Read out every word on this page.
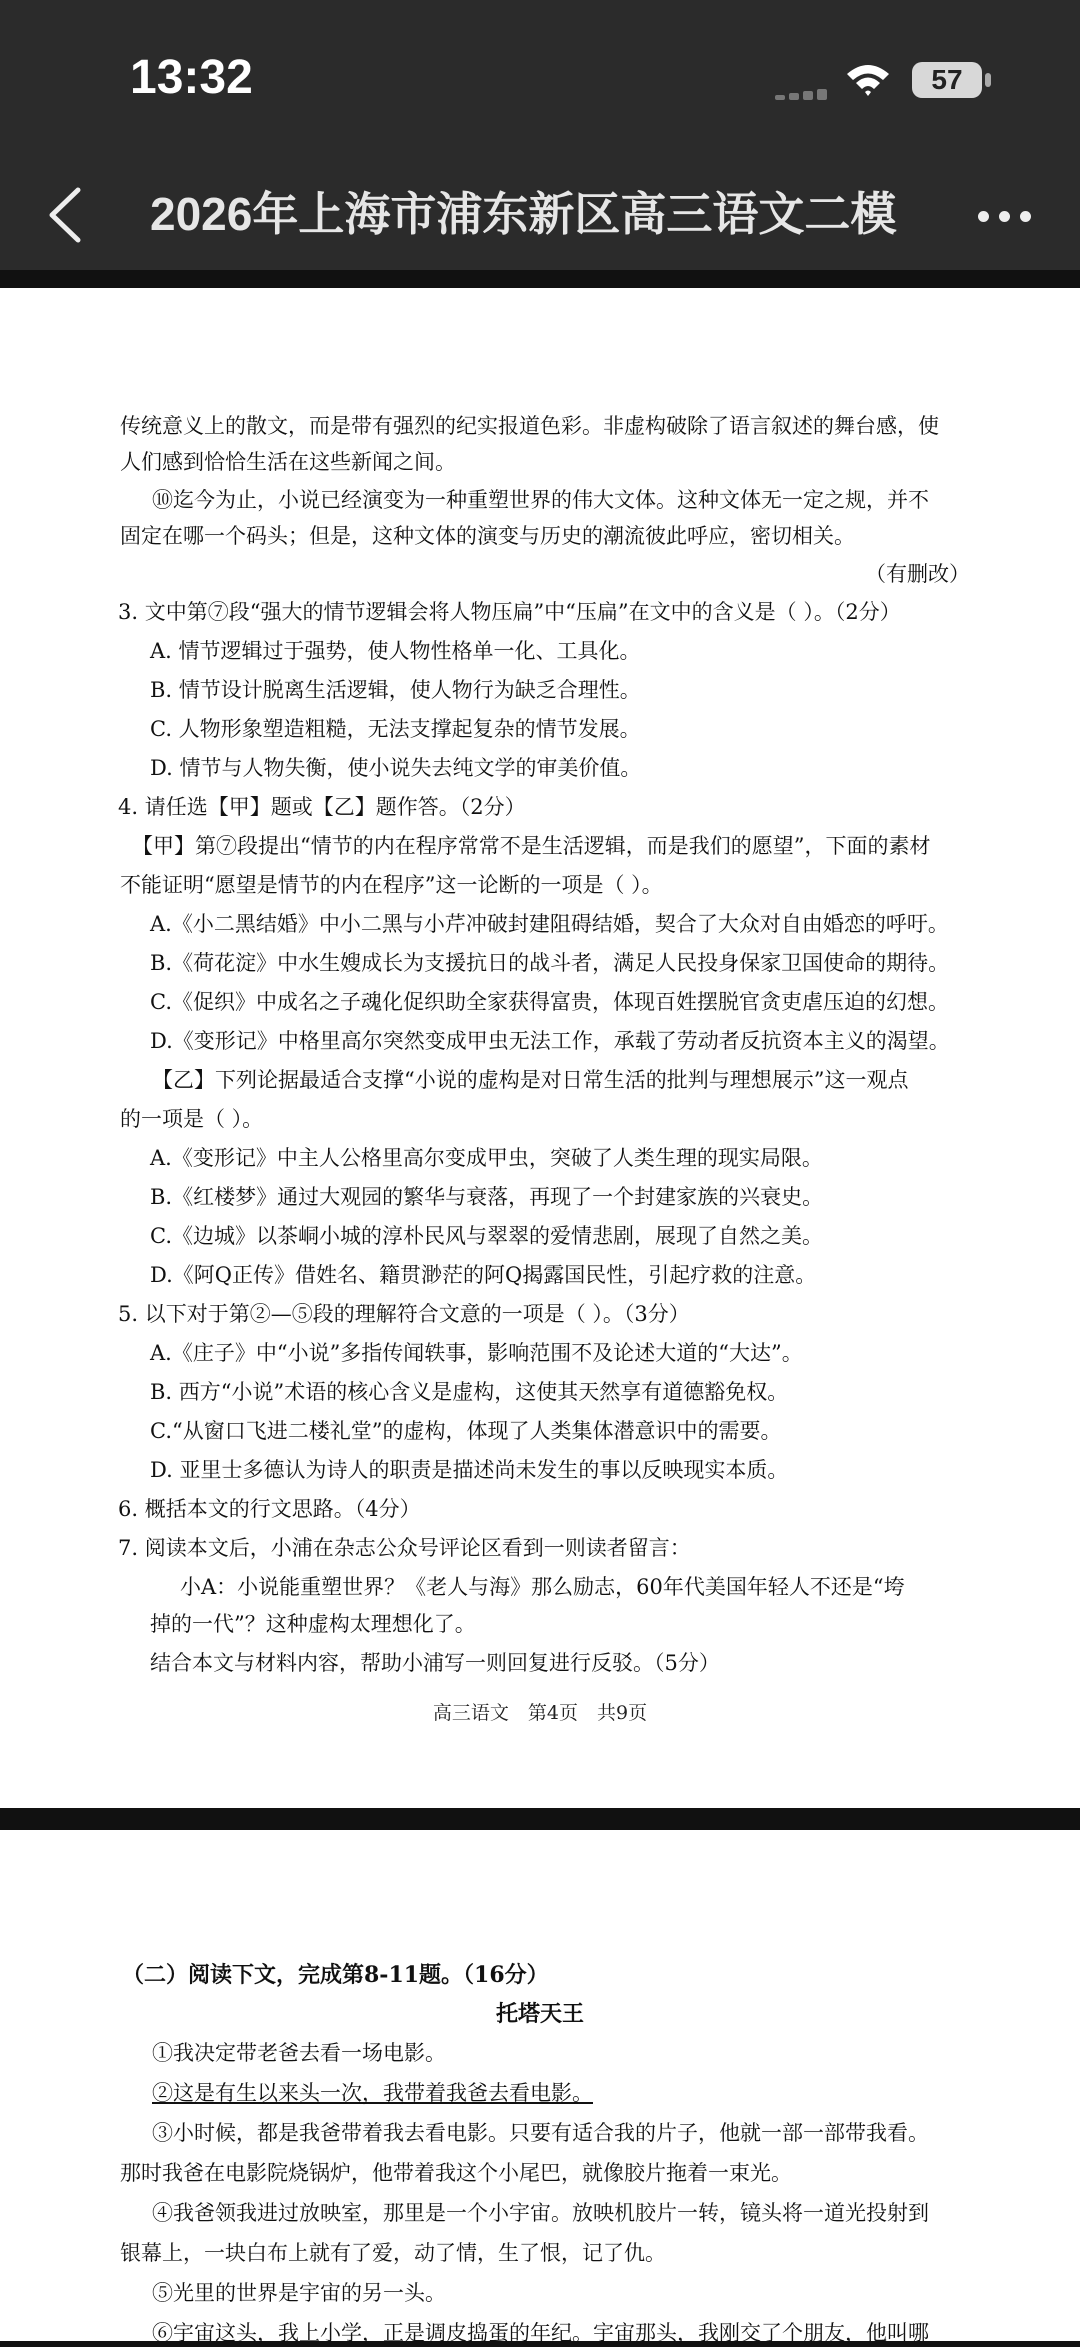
13:32	57
2026年上海市浦东新区高三语文二模
传统意义上的散文，而是带有强烈的纪实报道色彩。非虚构破除了语言叙述的舞台感，使
人们感到恰恰生活在这些新闻之间。
⑩迄今为止，小说已经演变为一种重塑世界的伟大文体。这种文体无一定之规，并不
固定在哪一个码头；但是，这种文体的演变与历史的潮流彼此呼应，密切相关。
（有删改）
3. 文中第⑦段“强大的情节逻辑会将人物压扁”中“压扁”在文中的含义是（ ）。（2分）
A. 情节逻辑过于强势，使人物性格单一化、工具化。
B. 情节设计脱离生活逻辑，使人物行为缺乏合理性。
C. 人物形象塑造粗糙，无法支撑起复杂的情节发展。
D. 情节与人物失衡，使小说失去纯文学的审美价值。
4. 请任选【甲】题或【乙】题作答。（2分）
【甲】第⑦段提出“情节的内在程序常常不是生活逻辑，而是我们的愿望”，下面的素材
不能证明“愿望是情节的内在程序”这一论断的一项是（ ）。
A.《小二黑结婚》中小二黑与小芹冲破封建阻碍结婚，契合了大众对自由婚恋的呼吁。
B.《荷花淀》中水生嫂成长为支援抗日的战斗者，满足人民投身保家卫国使命的期待。
C.《促织》中成名之子魂化促织助全家获得富贵，体现百姓摆脱官贪吏虐压迫的幻想。
D.《变形记》中格里高尔突然变成甲虫无法工作，承载了劳动者反抗资本主义的渴望。
【乙】下列论据最适合支撑“小说的虚构是对日常生活的批判与理想展示”这一观点
的一项是（ ）。
A.《变形记》中主人公格里高尔变成甲虫，突破了人类生理的现实局限。
B.《红楼梦》通过大观园的繁华与衰落，再现了一个封建家族的兴衰史。
C.《边城》以茶峒小城的淳朴民风与翠翠的爱情悲剧，展现了自然之美。
D.《阿Q正传》借姓名、籍贯渺茫的阿Q揭露国民性，引起疗救的注意。
5. 以下对于第②—⑤段的理解符合文意的一项是（ ）。（3分）
A.《庄子》中“小说”多指传闻轶事，影响范围不及论述大道的“大达”。
B. 西方“小说”术语的核心含义是虚构，这使其天然享有道德豁免权。
C.“从窗口飞进二楼礼堂”的虚构，体现了人类集体潜意识中的需要。
D. 亚里士多德认为诗人的职责是描述尚未发生的事以反映现实本质。
6. 概括本文的行文思路。（4分）
7. 阅读本文后，小浦在杂志公众号评论区看到一则读者留言：
小A：小说能重塑世界？《老人与海》那么励志，60年代美国年轻人不还是“垮
掉的一代”？这种虚构太理想化了。
结合本文与材料内容，帮助小浦写一则回复进行反驳。（5分）
高三语文　第4页　共9页
（二）阅读下文，完成第8-11题。（16分）
托塔天王
①我决定带老爸去看一场电影。
②这是有生以来头一次，我带着我爸去看电影。
③小时候，都是我爸带着我去看电影。只要有适合我的片子，他就一部一部带我看。
那时我爸在电影院烧锅炉，他带着我这个小尾巴，就像胶片拖着一束光。
④我爸领我进过放映室，那里是一个小宇宙。放映机胶片一转，镜头将一道光投射到
银幕上，一块白布上就有了爱，动了情，生了恨，记了仇。
⑤光里的世界是宇宙的另一头。
⑥宇宙这头，我上小学，正是调皮捣蛋的年纪。宇宙那头，我刚交了个朋友，他叫哪
